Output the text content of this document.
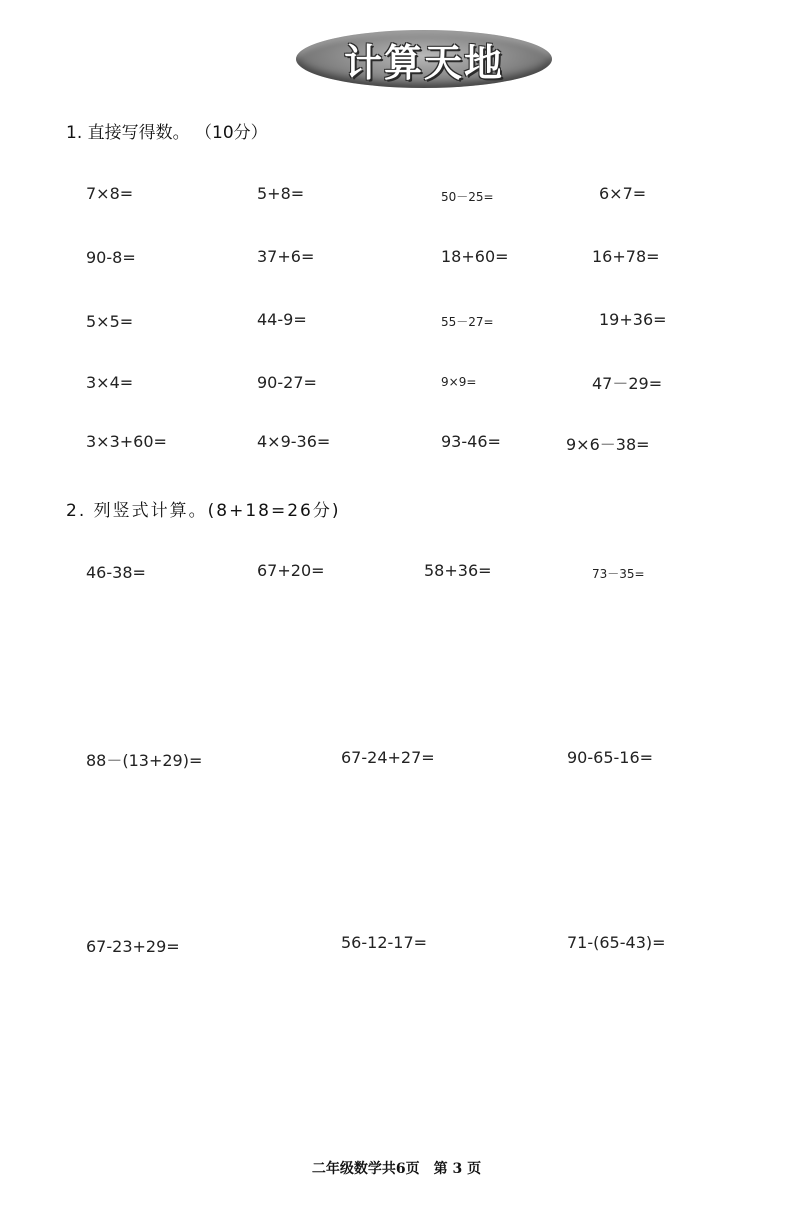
计算天地
1. 直接写得数。 （10分）
7×8=	5+8=	50－25=	6×7=
90-8=	37+6=	18+60=	16+78=
5×5=	44-9=	55－27=	19+36=
3×4=	90-27=	9×9=	47－29=
3×3+60=	4×9-36=	93-46=	9×6－38=
2. 列竖式计算。(8+18=26分)
46-38=	67+20=	58+36=	73－35=
88－(13+29)=	67-24+27=	90-65-16=
67-23+29=	56-12-17=	71-(65-43)=
二年级数学共6页　第 3 页
